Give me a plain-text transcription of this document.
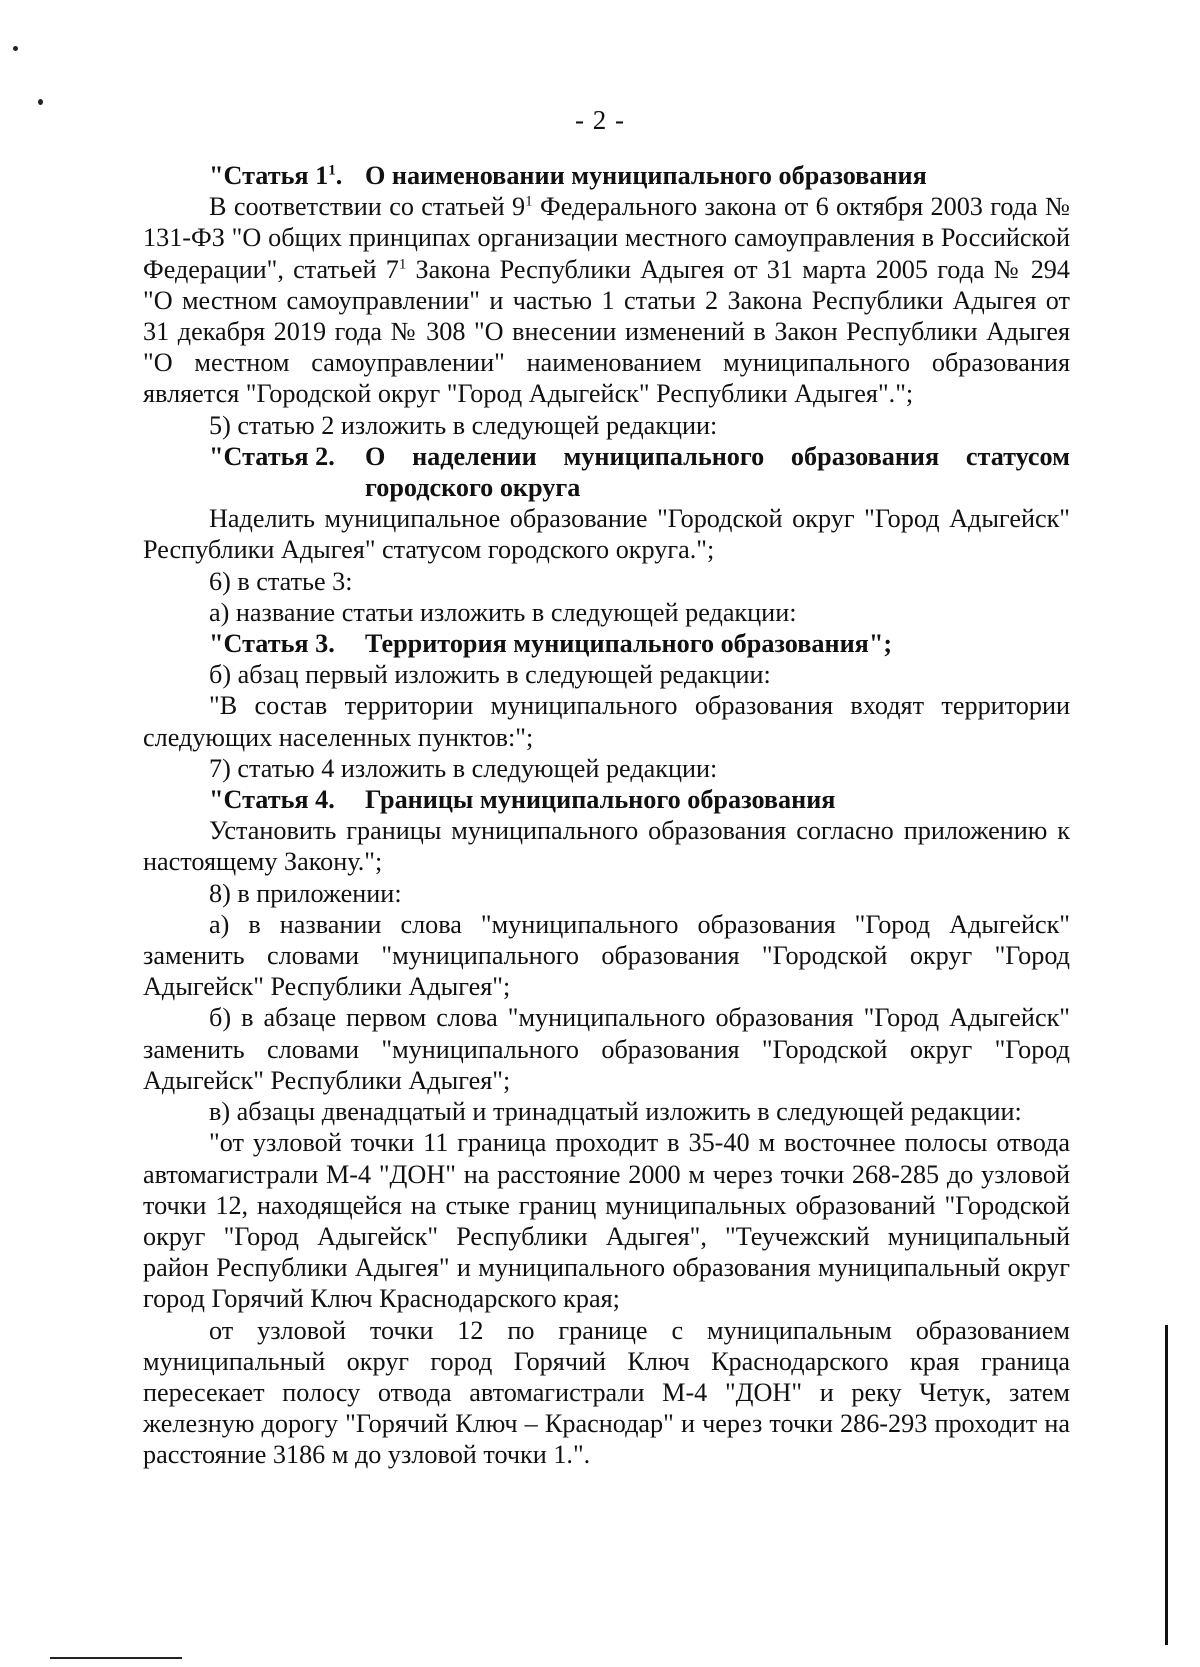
- 2 -

"Статья $1^1$. О наименовании муниципального образования

В соответствии со статьей $9^1$ Федерального закона от 6 октября 2003 года № 131-ФЗ "О общих принципах организации местного самоуправления в Российской Федерации", статьей $7^1$ Закона Республики Адыгея от 31 марта 2005 года № 294 "О местном самоуправлении" и частью 1 статьи 2 Закона Республики Адыгея от 31 декабря 2019 года № 308 "О внесении изменений в Закон Республики Адыгея "О местном самоуправлении" наименованием муниципального образования является "Городской округ "Город Адыгейск" Республики Адыгея".";

5) статью 2 изложить в следующей редакции:

"Статья 2.	О наделении муниципального образования статусом городского округа

Наделить муниципальное образование "Городской округ "Город Адыгейск" Республики Адыгея" статусом городского округа.";

6) в статье 3:

а) название статьи изложить в следующей редакции:

"Статья 3.	Территория муниципального образования";

б) абзац первый изложить в следующей редакции:

"В состав территории муниципального образования входят территории следующих населенных пунктов:";

7) статью 4 изложить в следующей редакции:

"Статья 4.	Границы муниципального образования

Установить границы муниципального образования согласно приложению к настоящему Закону.";

8) в приложении:

а) в названии слова "муниципального образования "Город Адыгейск" заменить словами "муниципального образования "Городской округ "Город Адыгейск" Республики Адыгея";

б) в абзаце первом слова "муниципального образования "Город Адыгейск" заменить словами "муниципального образования "Городской округ "Город Адыгейск" Республики Адыгея";

в) абзацы двенадцатый и тринадцатый изложить в следующей редакции:

"от узловой точки 11 граница проходит в 35-40 м восточнее полосы отвода автомагистрали М-4 "ДОН" на расстояние 2000 м через точки 268-285 до узловой точки 12, находящейся на стыке границ муниципальных образований "Городской округ "Город Адыгейск" Республики Адыгея", "Теучежский муниципальный район Республики Адыгея" и муниципального образования муниципальный округ город Горячий Ключ Краснодарского края;

от узловой точки 12 по границе с муниципальным образованием муниципальный округ город Горячий Ключ Краснодарского края граница пересекает полосу отвода автомагистрали М-4 "ДОН" и реку Четук, затем железную дорогу "Горячий Ключ – Краснодар" и через точки 286-293 проходит на расстояние 3186 м до узловой точки 1.".
